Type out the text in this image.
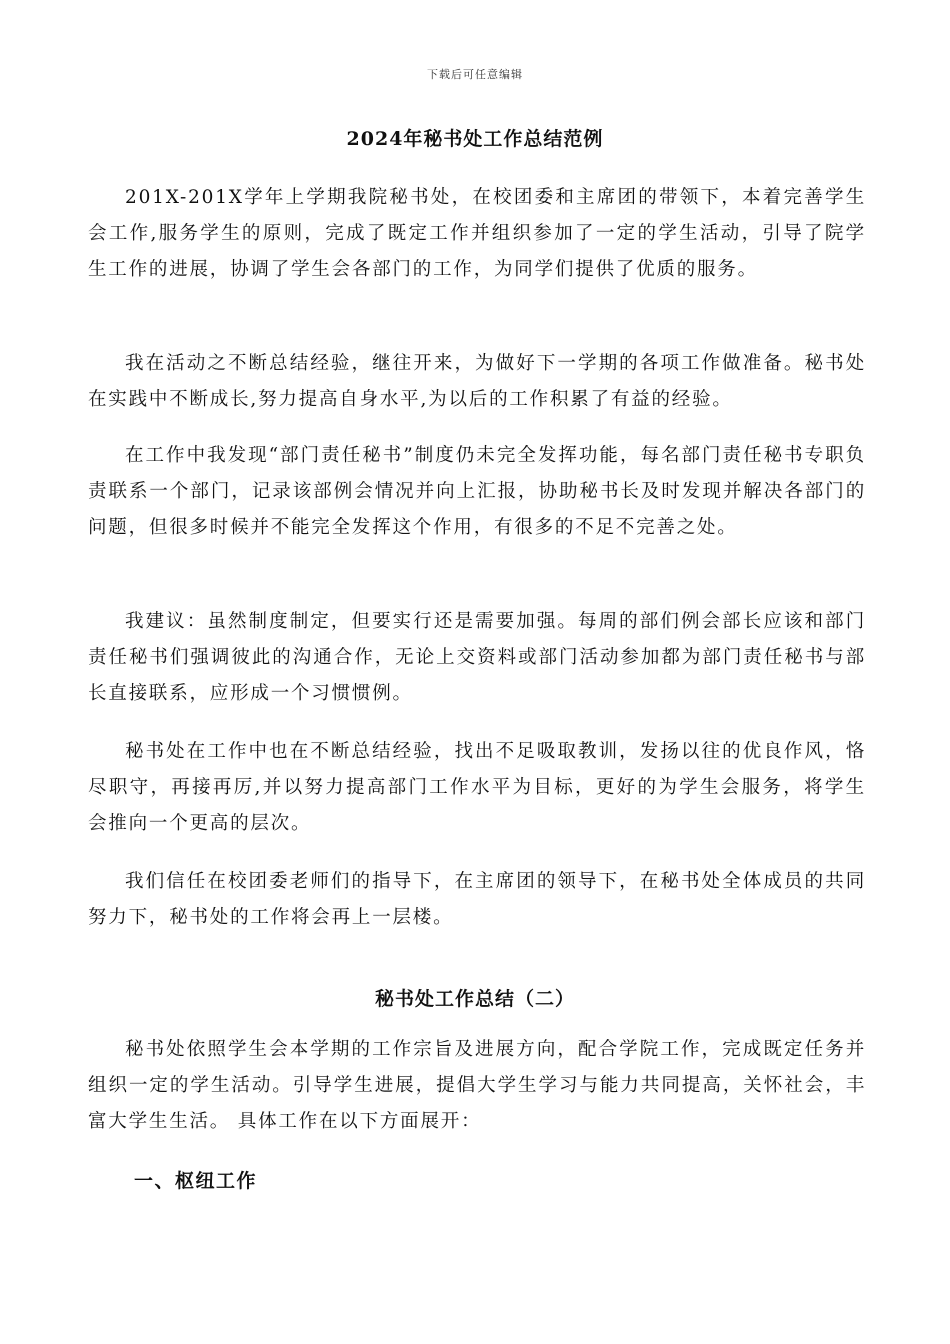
下载后可任意编辑
2024年秘书处工作总结范例

201X-201X学年上学期我院秘书处，在校团委和主席团的带领下，本着完善学生会工作,服务学生的原则，完成了既定工作并组织参加了一定的学生活动，引导了院学生工作的进展，协调了学生会各部门的工作，为同学们提供了优质的服务。

我在活动之不断总结经验，继往开来，为做好下一学期的各项工作做准备。秘书处在实践中不断成长,努力提高自身水平,为以后的工作积累了有益的经验。

在工作中我发现“部门责任秘书”制度仍未完全发挥功能，每名部门责任秘书专职负责联系一个部门，记录该部例会情况并向上汇报，协助秘书长及时发现并解决各部门的问题，但很多时候并不能完全发挥这个作用，有很多的不足不完善之处。

我建议：虽然制度制定，但要实行还是需要加强。每周的部们例会部长应该和部门责任秘书们强调彼此的沟通合作，无论上交资料或部门活动参加都为部门责任秘书与部长直接联系，应形成一个习惯惯例。

秘书处在工作中也在不断总结经验，找出不足吸取教训，发扬以往的优良作风，恪尽职守，再接再厉,并以努力提高部门工作水平为目标，更好的为学生会服务，将学生会推向一个更高的层次。

我们信任在校团委老师们的指导下，在主席团的领导下，在秘书处全体成员的共同努力下，秘书处的工作将会再上一层楼。

秘书处工作总结（二）

秘书处依照学生会本学期的工作宗旨及进展方向，配合学院工作，完成既定任务并组织一定的学生活动。引导学生进展，提倡大学生学习与能力共同提高，关怀社会，丰富大学生生活。 具体工作在以下方面展开：

一、枢纽工作
